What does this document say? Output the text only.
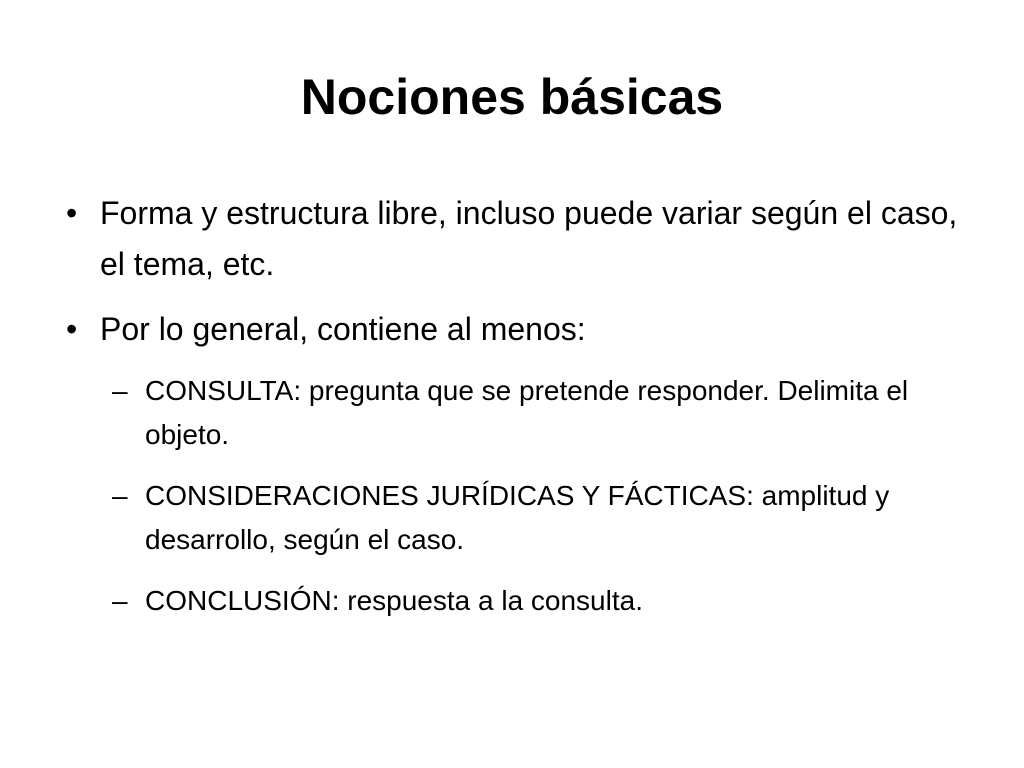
Nociones básicas
• Forma y estructura libre, incluso puede variar según el caso, el tema, etc.
• Por lo general, contiene al menos:
– CONSULTA: pregunta que se pretende responder. Delimita el objeto.
– CONSIDERACIONES JURÍDICAS Y FÁCTICAS: amplitud y desarrollo, según el caso.
– CONCLUSIÓN: respuesta a la consulta.
